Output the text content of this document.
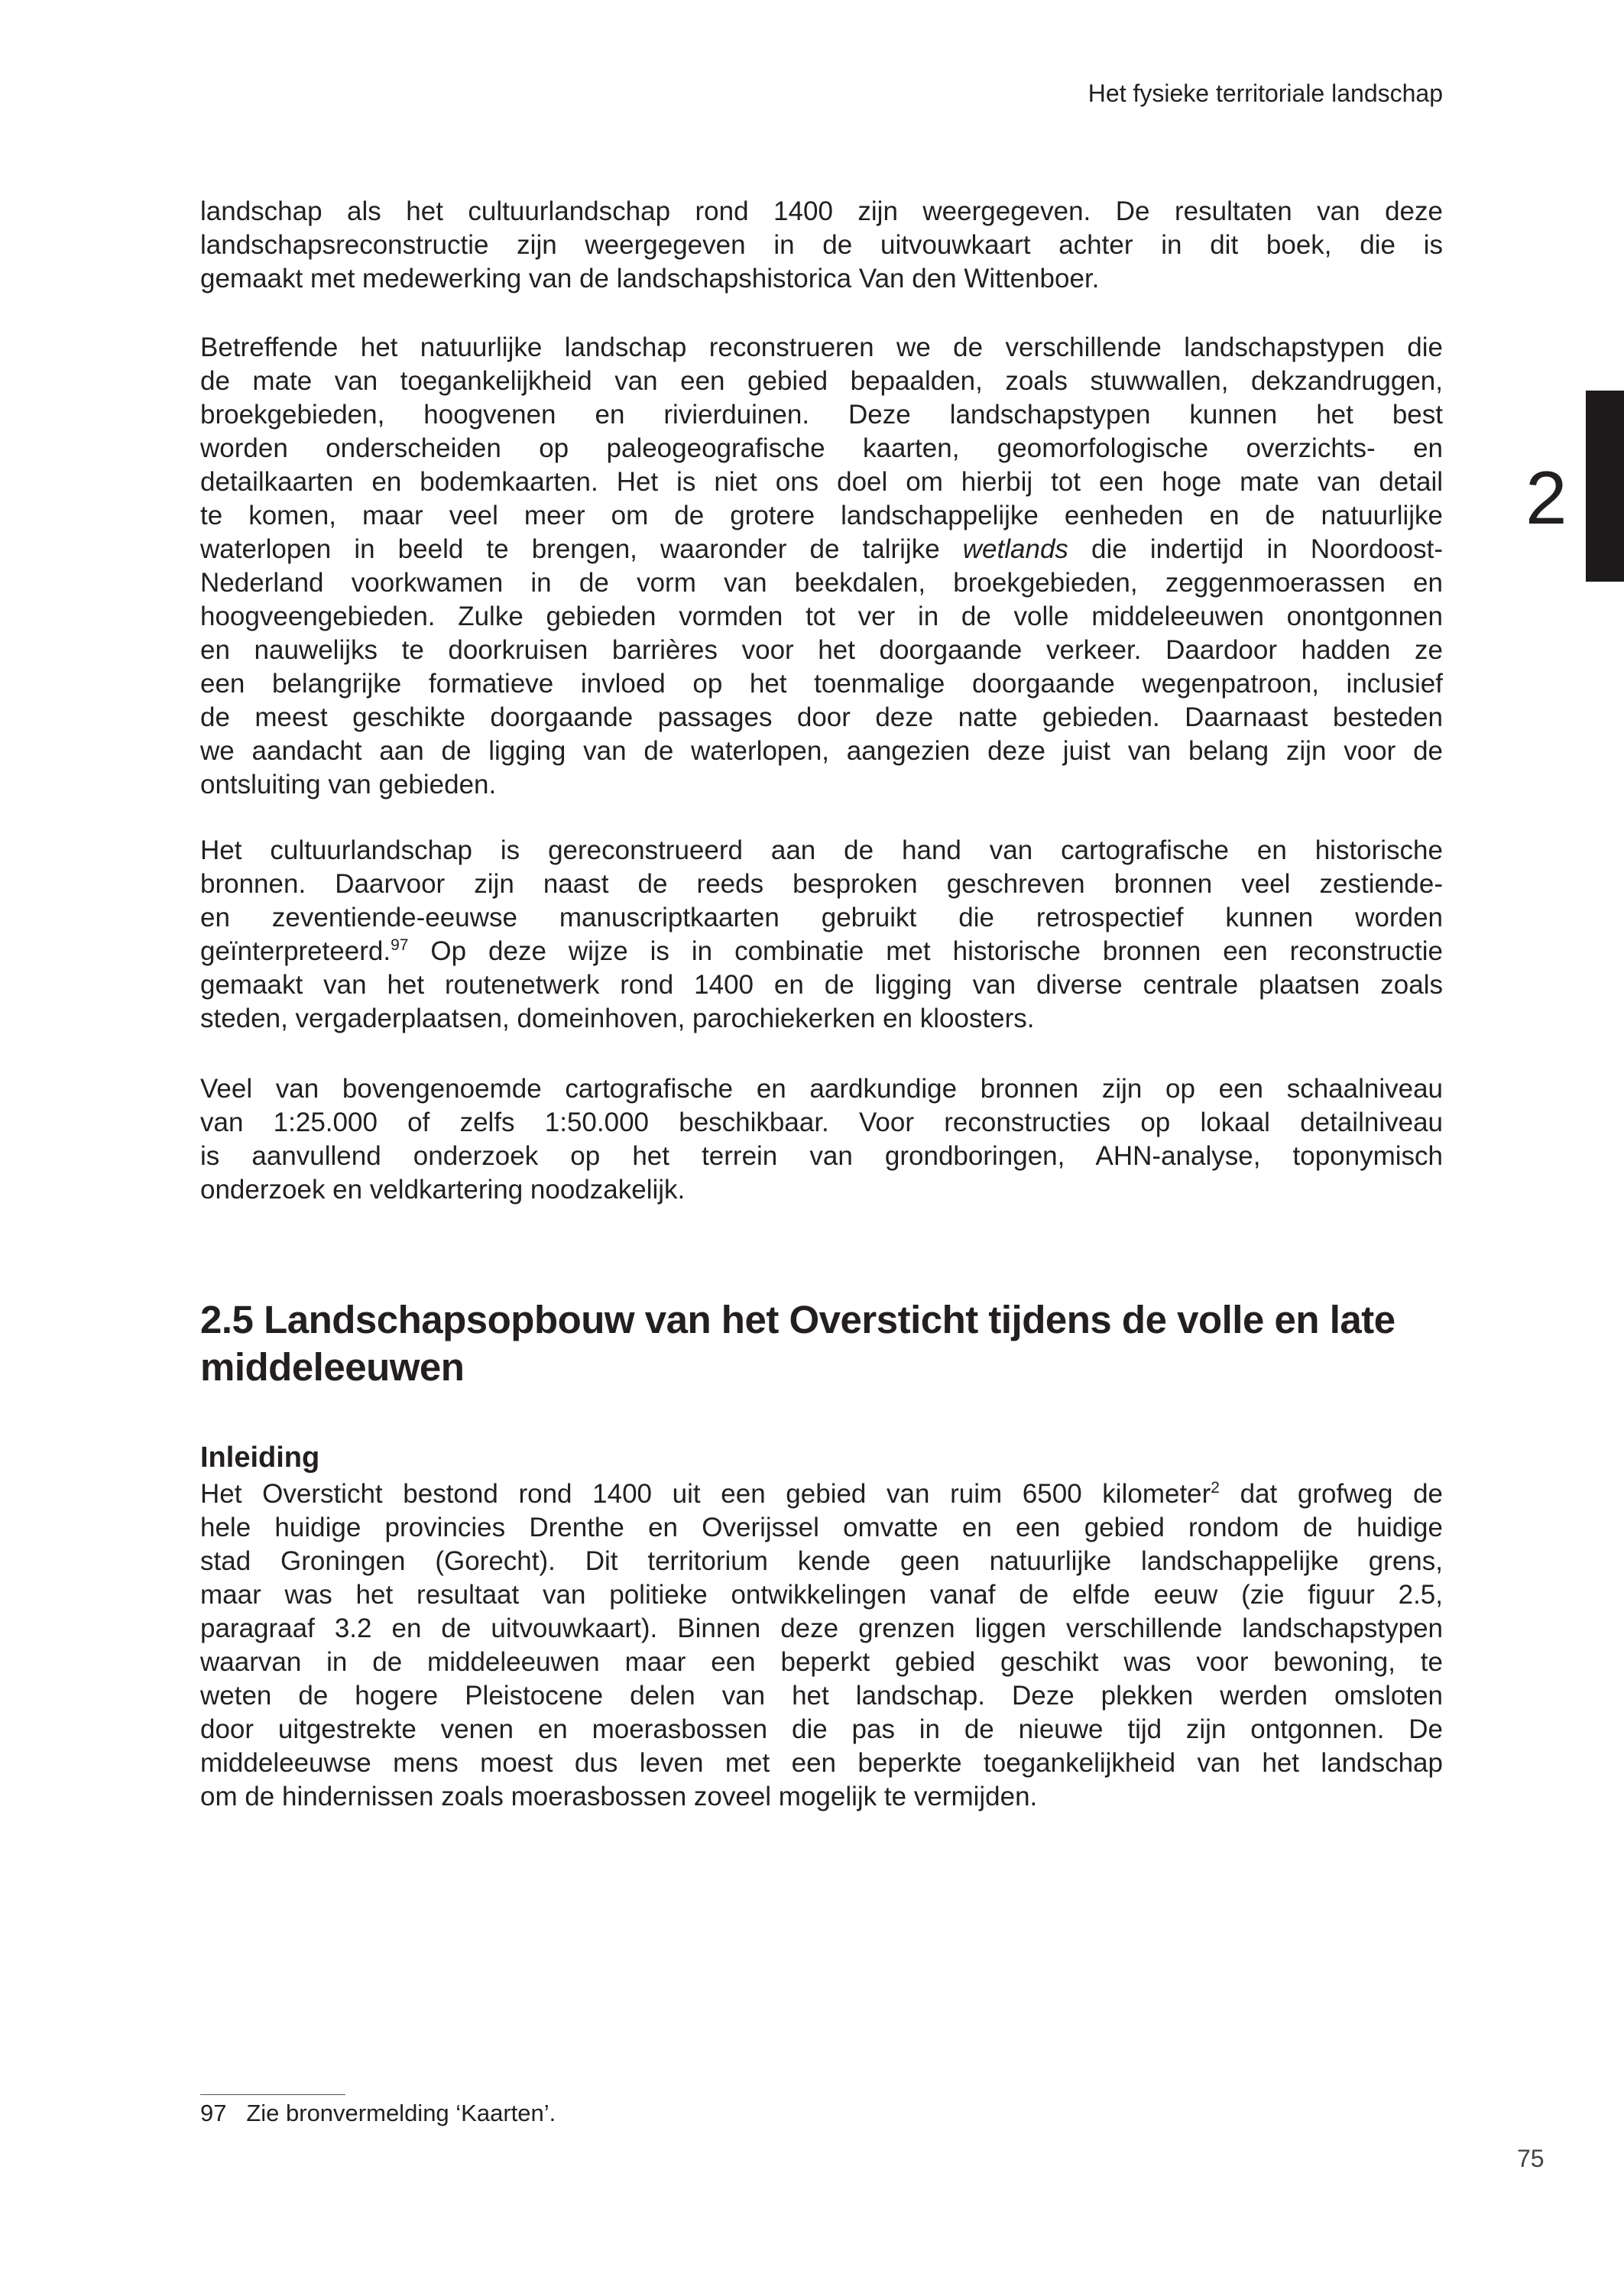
Het fysieke territoriale landschap
2
landschap als het cultuurlandschap rond 1400 zijn weergegeven. De resultaten van deze
landschapsreconstructie zijn weergegeven in de uitvouwkaart achter in dit boek, die is
gemaakt met medewerking van de landschapshistorica Van den Wittenboer.
Betreffende het natuurlijke landschap reconstrueren we de verschillende landschapstypen die
de mate van toegankelijkheid van een gebied bepaalden, zoals stuwwallen, dekzandruggen,
broekgebieden, hoogvenen en rivierduinen. Deze landschapstypen kunnen het best
worden onderscheiden op paleogeografische kaarten, geomorfologische overzichts- en
detailkaarten en bodemkaarten. Het is niet ons doel om hierbij tot een hoge mate van detail
te komen, maar veel meer om de grotere landschappelijke eenheden en de natuurlijke
waterlopen in beeld te brengen, waaronder de talrijke wetlands die indertijd in Noordoost-
Nederland voorkwamen in de vorm van beekdalen, broekgebieden, zeggenmoerassen en
hoogveengebieden. Zulke gebieden vormden tot ver in de volle middeleeuwen onontgonnen
en nauwelijks te doorkruisen barrières voor het doorgaande verkeer. Daardoor hadden ze
een belangrijke formatieve invloed op het toenmalige doorgaande wegenpatroon, inclusief
de meest geschikte doorgaande passages door deze natte gebieden. Daarnaast besteden
we aandacht aan de ligging van de waterlopen, aangezien deze juist van belang zijn voor de
ontsluiting van gebieden.
Het cultuurlandschap is gereconstrueerd aan de hand van cartografische en historische
bronnen. Daarvoor zijn naast de reeds besproken geschreven bronnen veel zestiende-
en zeventiende-eeuwse manuscriptkaarten gebruikt die retrospectief kunnen worden
geïnterpreteerd.$^{97}$ Op deze wijze is in combinatie met historische bronnen een reconstructie
gemaakt van het routenetwerk rond 1400 en de ligging van diverse centrale plaatsen zoals
steden, vergaderplaatsen, domeinhoven, parochiekerken en kloosters.
Veel van bovengenoemde cartografische en aardkundige bronnen zijn op een schaalniveau
van 1:25.000 of zelfs 1:50.000 beschikbaar. Voor reconstructies op lokaal detailniveau
is aanvullend onderzoek op het terrein van grondboringen, AHN-analyse, toponymisch
onderzoek en veldkartering noodzakelijk.
2.5 Landschapsopbouw van het Oversticht tijdens de volle en late middeleeuwen
Inleiding
Het Oversticht bestond rond 1400 uit een gebied van ruim 6500 kilometer$^2$ dat grofweg de
hele huidige provincies Drenthe en Overijssel omvatte en een gebied rondom de huidige
stad Groningen (Gorecht). Dit territorium kende geen natuurlijke landschappelijke grens,
maar was het resultaat van politieke ontwikkelingen vanaf de elfde eeuw (zie figuur 2.5,
paragraaf 3.2 en de uitvouwkaart). Binnen deze grenzen liggen verschillende landschapstypen
waarvan in de middeleeuwen maar een beperkt gebied geschikt was voor bewoning, te
weten de hogere Pleistocene delen van het landschap. Deze plekken werden omsloten
door uitgestrekte venen en moerasbossen die pas in de nieuwe tijd zijn ontgonnen. De
middeleeuwse mens moest dus leven met een beperkte toegankelijkheid van het landschap
om de hindernissen zoals moerasbossen zoveel mogelijk te vermijden.
97 Zie bronvermelding ‘Kaarten’.
75
